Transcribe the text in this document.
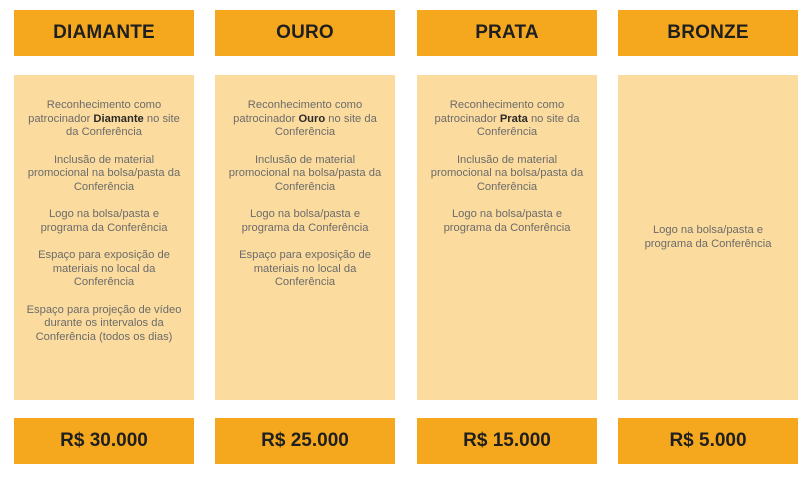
DIAMANTE

Reconhecimento como patrocinador Diamante no site da Conferência

Inclusão de material promocional na bolsa/pasta da Conferência

Logo na bolsa/pasta e programa da Conferência

Espaço para exposição de materiais no local da Conferência

Espaço para projeção de vídeo durante os intervalos da Conferência (todos os dias)

R$ 30.000
OURO

Reconhecimento como patrocinador Ouro no site da Conferência

Inclusão de material promocional na bolsa/pasta da Conferência

Logo na bolsa/pasta e programa da Conferência

Espaço para exposição de materiais no local da Conferência

R$ 25.000
PRATA

Reconhecimento como patrocinador Prata no site da Conferência

Inclusão de material promocional na bolsa/pasta da Conferência

Logo na bolsa/pasta e programa da Conferência

R$ 15.000
BRONZE

Logo na bolsa/pasta e programa da Conferência

R$ 5.000
